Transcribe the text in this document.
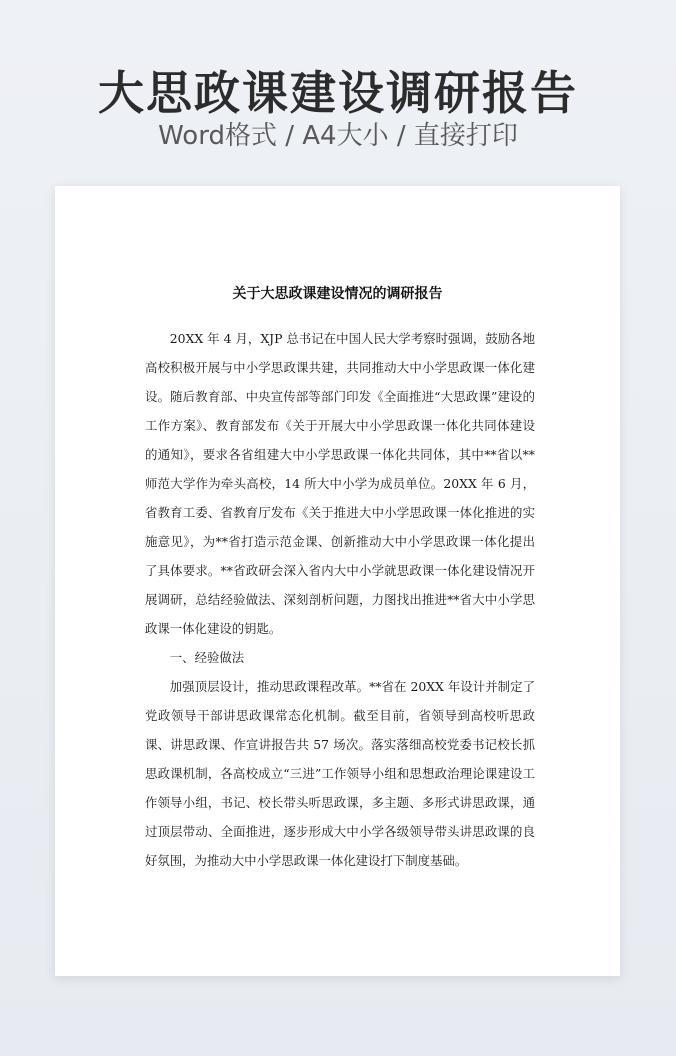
大思政课建设调研报告
Word格式 / A4大小 / 直接打印
关于大思政课建设情况的调研报告

20XX 年 4 月，XJP 总书记在中国人民大学考察时强调，鼓励各地高校积极开展与中小学思政课共建，共同推动大中小学思政课一体化建设。随后教育部、中央宣传部等部门印发《全面推进“大思政课”建设的工作方案》、教育部发布《关于开展大中小学思政课一体化共同体建设的通知》，要求各省组建大中小学思政课一体化共同体，其中**省以**师范大学作为牵头高校，14 所大中小学为成员单位。20XX 年 6 月，省教育工委、省教育厅发布《关于推进大中小学思政课一体化推进的实施意见》，为**省打造示范金课、创新推动大中小学思政课一体化提出了具体要求。**省政研会深入省内大中小学就思政课一体化建设情况开展调研，总结经验做法、深刻剖析问题，力图找出推进**省大中小学思政课一体化建设的钥匙。

一、经验做法

加强顶层设计，推动思政课程改革。**省在 20XX 年设计并制定了党政领导干部讲思政课常态化机制。截至目前，省领导到高校听思政课、讲思政课、作宣讲报告共 57 场次。落实落细高校党委书记校长抓思政课机制，各高校成立“三进”工作领导小组和思想政治理论课建设工作领导小组，书记、校长带头听思政课，多主题、多形式讲思政课，通过顶层带动、全面推进，逐步形成大中小学各级领导带头讲思政课的良好氛围，为推动大中小学思政课一体化建设打下制度基础。
